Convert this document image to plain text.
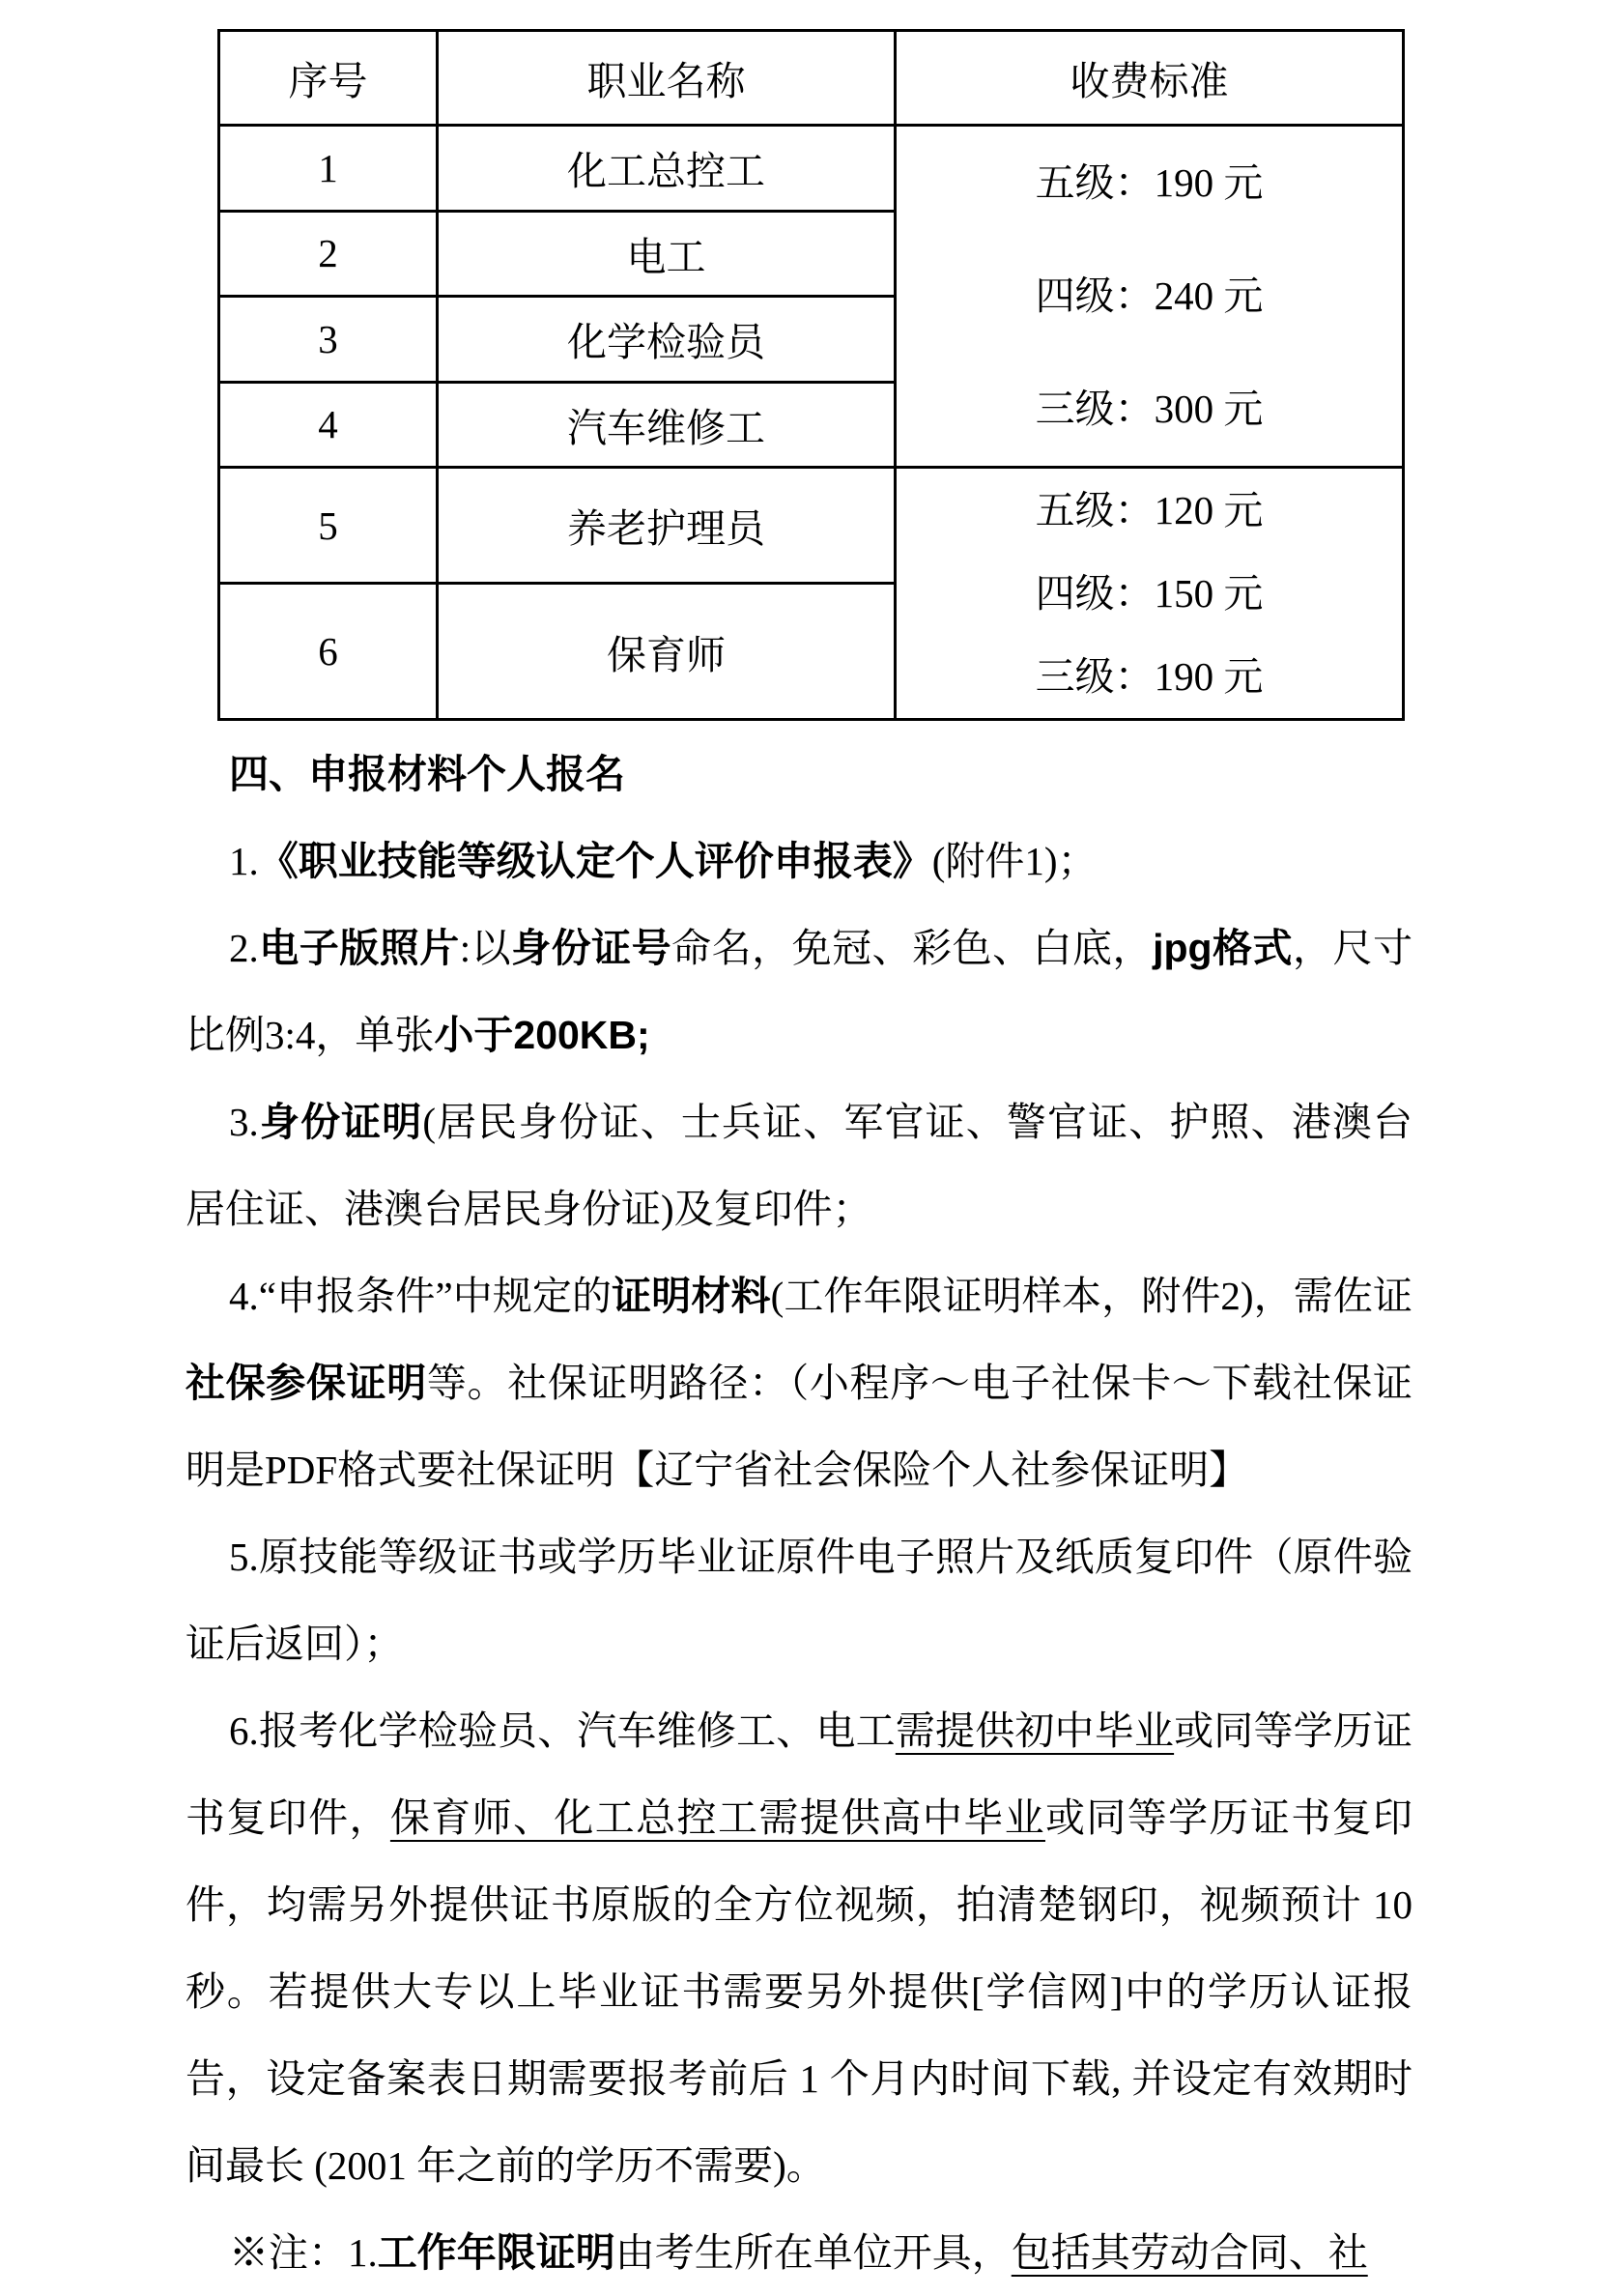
序号	职业名称	收费标准
1	化工总控工	五级：190 元
四级：240 元
三级：300 元

2	电工	
3	化学检验员	
4	汽车维修工	
5	养老护理员	五级：120 元
四级：150 元
三级：190 元

6	保育师	

四、申报材料个人报名

1.《职业技能等级认定个人评价申报表》(附件1)；

2.电子版照片:以身份证号命名，免冠、彩色、白底，jpg格式，尺寸比例3:4，单张小于200KB;

3.身份证明(居民身份证、士兵证、军官证、警官证、护照、港澳台居住证、港澳台居民身份证)及复印件；

4.“申报条件”中规定的证明材料(工作年限证明样本，附件2)，需佐证社保参保证明等。社保证明路径：（小程序～电子社保卡～下载社保证明是PDF格式要社保证明【辽宁省社会保险个人社参保证明】

5.原技能等级证书或学历毕业证原件电子照片及纸质复印件（原件验证后返回）；

6.报考化学检验员、汽车维修工、电工需提供初中毕业或同等学历证书复印件，保育师、化工总控工需提供高中毕业或同等学历证书复印件，均需另外提供证书原版的全方位视频，拍清楚钢印，视频预计 10 秒。若提供大专以上毕业证书需要另外提供[学信网]中的学历认证报告，设定备案表日期需要报考前后 1 个月内时间下载, 并设定有效期时间最长 (2001 年之前的学历不需要)。

※注：1.工作年限证明由考生所在单位开具，包括其劳动合同、社
